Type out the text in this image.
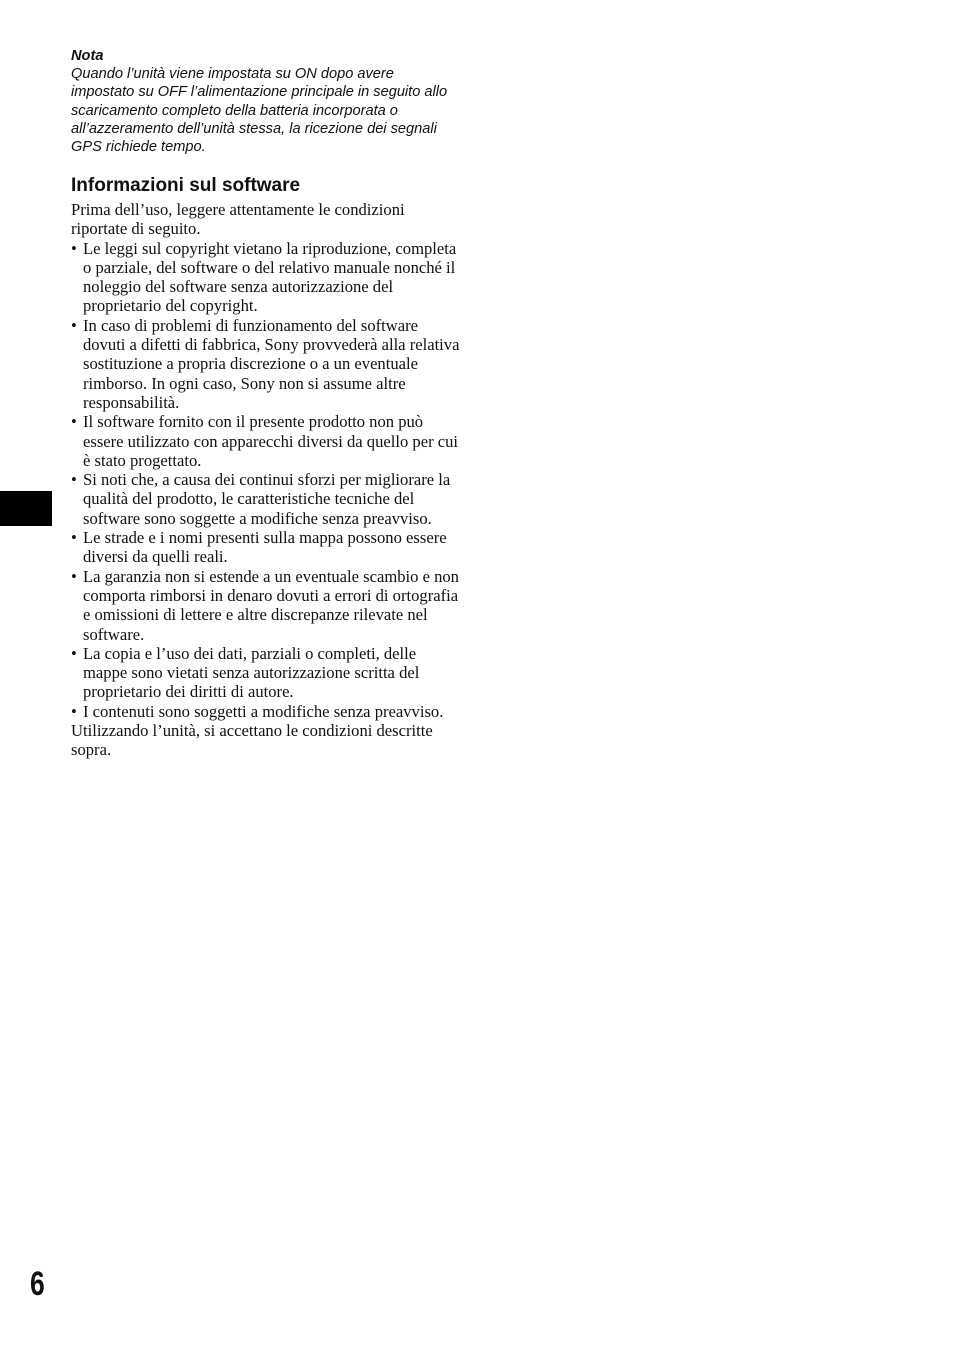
Nota

Quando l’unità viene impostata su ON dopo avere impostato su OFF l’alimentazione principale in seguito allo scaricamento completo della batteria incorporata o all’azzeramento dell’unità stessa, la ricezione dei segnali GPS richiede tempo.

Informazioni sul software

Prima dell’uso, leggere attentamente le condizioni riportate di seguito.

• Le leggi sul copyright vietano la riproduzione, completa o parziale, del software o del relativo manuale nonché il noleggio del software senza autorizzazione del proprietario del copyright.
• In caso di problemi di funzionamento del software dovuti a difetti di fabbrica, Sony provvederà alla relativa sostituzione a propria discrezione o a un eventuale rimborso. In ogni caso, Sony non si assume altre responsabilità.
• Il software fornito con il presente prodotto non può essere utilizzato con apparecchi diversi da quello per cui è stato progettato.
• Si noti che, a causa dei continui sforzi per migliorare la qualità del prodotto, le caratteristiche tecniche del software sono soggette a modifiche senza preavviso.
• Le strade e i nomi presenti sulla mappa possono essere diversi da quelli reali.
• La garanzia non si estende a un eventuale scambio e non comporta rimborsi in denaro dovuti a errori di ortografia e omissioni di lettere e altre discrepanze rilevate nel software.
• La copia e l’uso dei dati, parziali o completi, delle mappe sono vietati senza autorizzazione scritta del proprietario dei diritti di autore.
• I contenuti sono soggetti a modifiche senza preavviso.

Utilizzando l’unità, si accettano le condizioni descritte sopra.

6
